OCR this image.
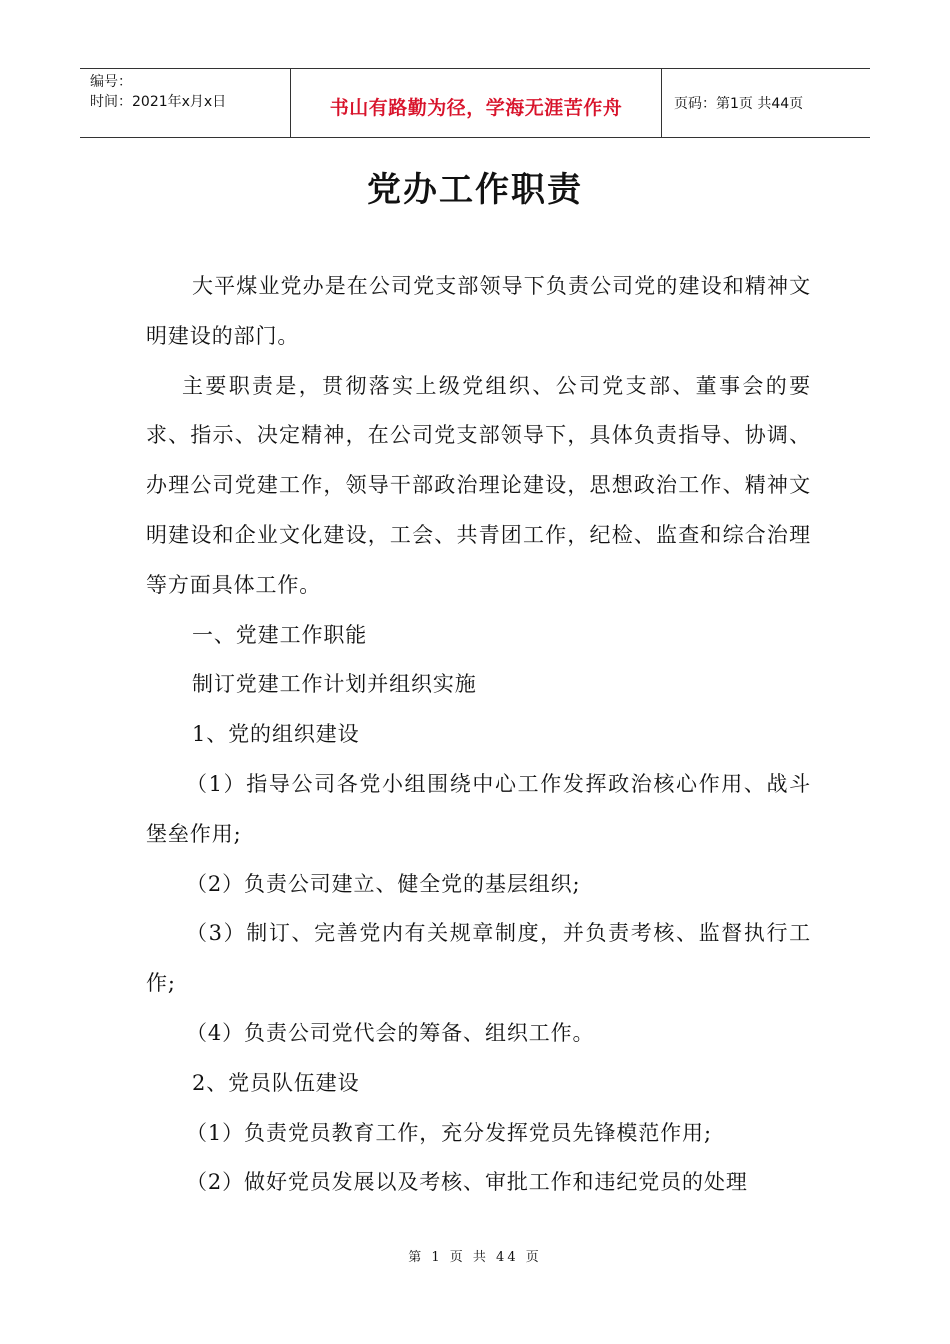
编号：
时间：2021年x月x日	书山有路勤为径，学海无涯苦作舟	页码：第1页 共44页
党办工作职责

大平煤业党办是在公司党支部领导下负责公司党的建设和精神文明建设的部门。

主要职责是，贯彻落实上级党组织、公司党支部、董事会的要求、指示、决定精神，在公司党支部领导下，具体负责指导、协调、办理公司党建工作，领导干部政治理论建设，思想政治工作、精神文明建设和企业文化建设，工会、共青团工作，纪检、监查和综合治理等方面具体工作。

一、党建工作职能

制订党建工作计划并组织实施

1、党的组织建设

（1）指导公司各党小组围绕中心工作发挥政治核心作用、战斗堡垒作用;

（2）负责公司建立、健全党的基层组织;

（3）制订、完善党内有关规章制度，并负责考核、监督执行工作;

（4）负责公司党代会的筹备、组织工作。

2、党员队伍建设

（1）负责党员教育工作，充分发挥党员先锋模范作用;

（2）做好党员发展以及考核、审批工作和违纪党员的处理

第 1 页 共 44 页
